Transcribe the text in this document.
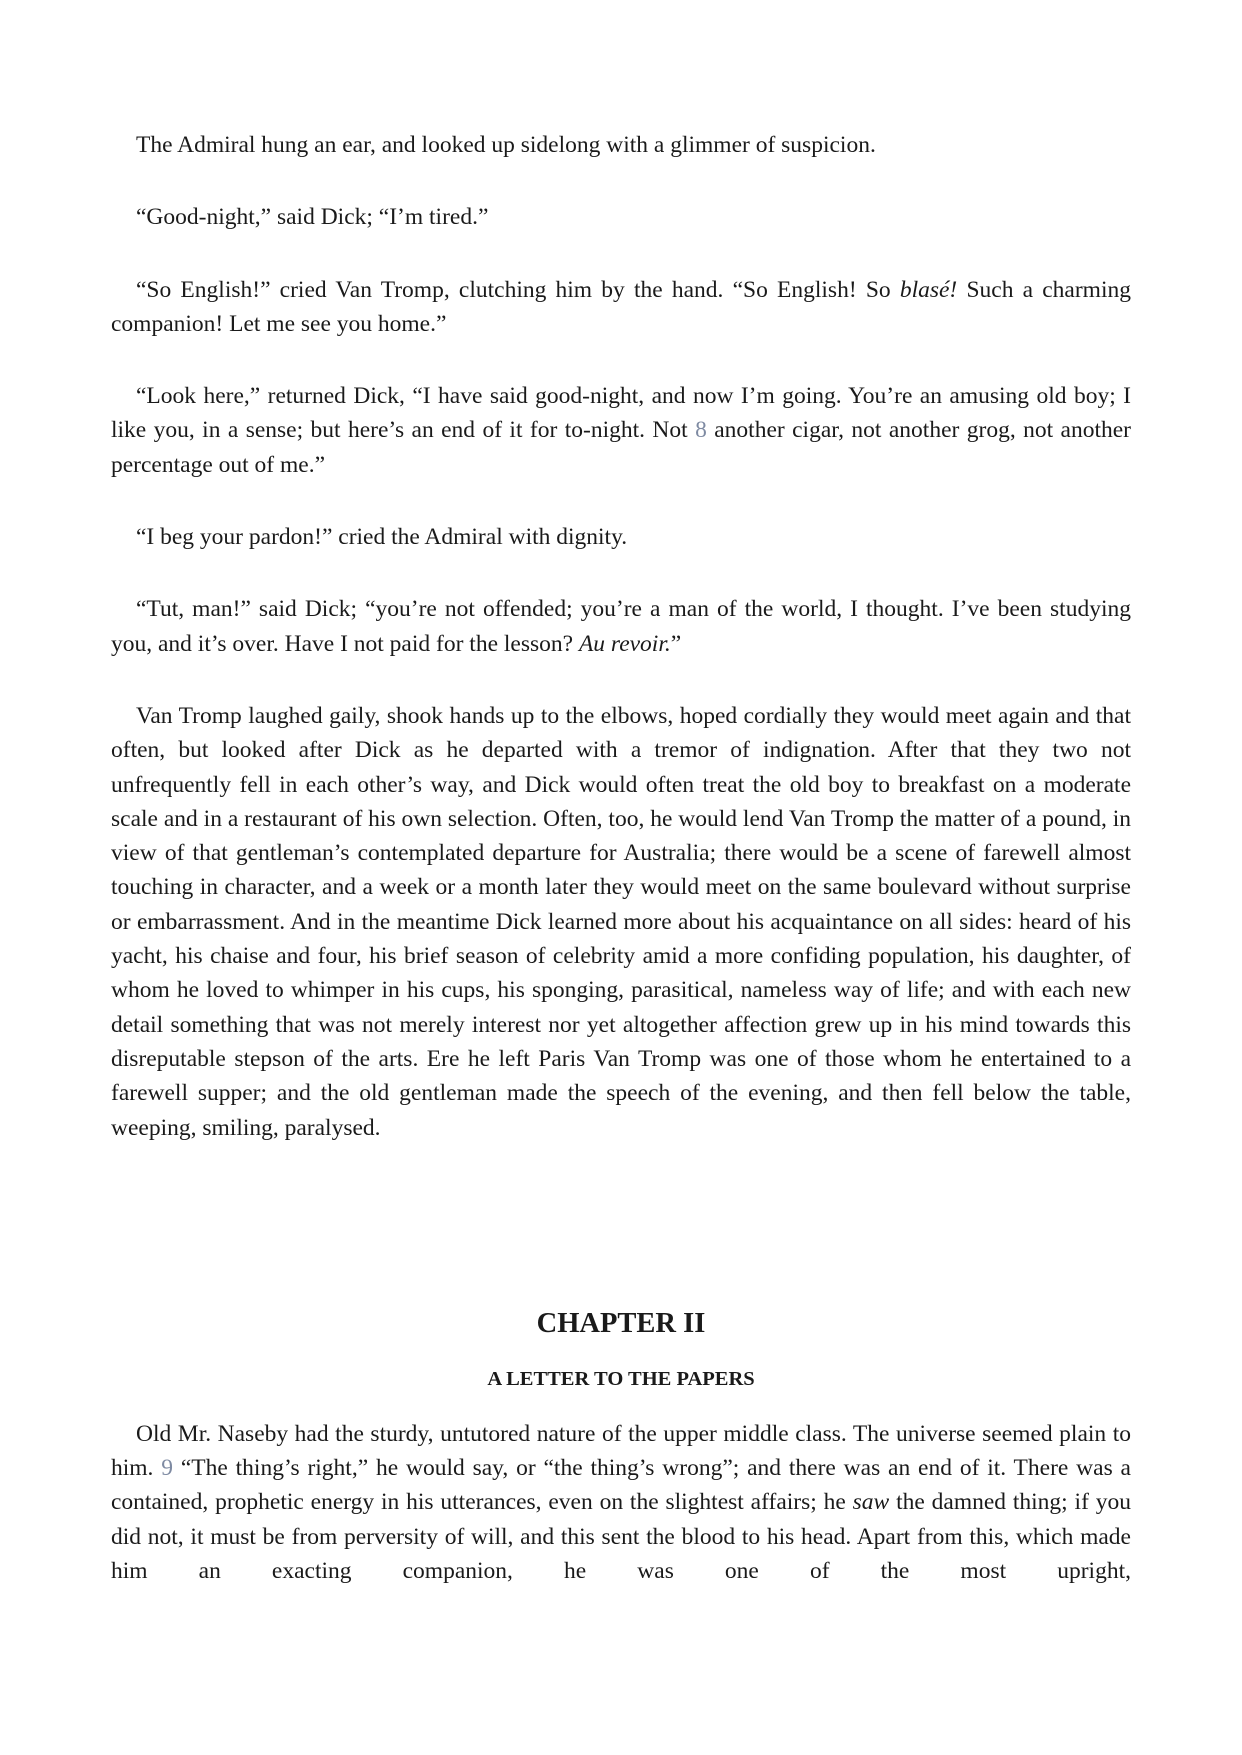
The Admiral hung an ear, and looked up sidelong with a glimmer of suspicion.

“Good-night,” said Dick; “I’m tired.”

“So English!” cried Van Tromp, clutching him by the hand. “So English! So blasé! Such a charming companion! Let me see you home.”

“Look here,” returned Dick, “I have said good-night, and now I’m going. You’re an amusing old boy; I like you, in a sense; but here’s an end of it for to-night. Not 8 another cigar, not another grog, not another percentage out of me.”

“I beg your pardon!” cried the Admiral with dignity.

“Tut, man!” said Dick; “you’re not offended; you’re a man of the world, I thought. I’ve been studying you, and it’s over. Have I not paid for the lesson? Au revoir.”

Van Tromp laughed gaily, shook hands up to the elbows, hoped cordially they would meet again and that often, but looked after Dick as he departed with a tremor of indignation. After that they two not unfrequently fell in each other’s way, and Dick would often treat the old boy to breakfast on a moderate scale and in a restaurant of his own selection. Often, too, he would lend Van Tromp the matter of a pound, in view of that gentleman’s contemplated departure for Australia; there would be a scene of farewell almost touching in character, and a week or a month later they would meet on the same boulevard without surprise or embarrassment. And in the meantime Dick learned more about his acquaintance on all sides: heard of his yacht, his chaise and four, his brief season of celebrity amid a more confiding population, his daughter, of whom he loved to whimper in his cups, his sponging, parasitical, nameless way of life; and with each new detail something that was not merely interest nor yet altogether affection grew up in his mind towards this disreputable stepson of the arts. Ere he left Paris Van Tromp was one of those whom he entertained to a farewell supper; and the old gentleman made the speech of the evening, and then fell below the table, weeping, smiling, paralysed.

CHAPTER II
A LETTER TO THE PAPERS

Old Mr. Naseby had the sturdy, untutored nature of the upper middle class. The universe seemed plain to him. 9 “The thing’s right,” he would say, or “the thing’s wrong”; and there was an end of it. There was a contained, prophetic energy in his utterances, even on the slightest affairs; he saw the damned thing; if you did not, it must be from perversity of will, and this sent the blood to his head. Apart from this, which made him an exacting companion, he was one of the most upright,
